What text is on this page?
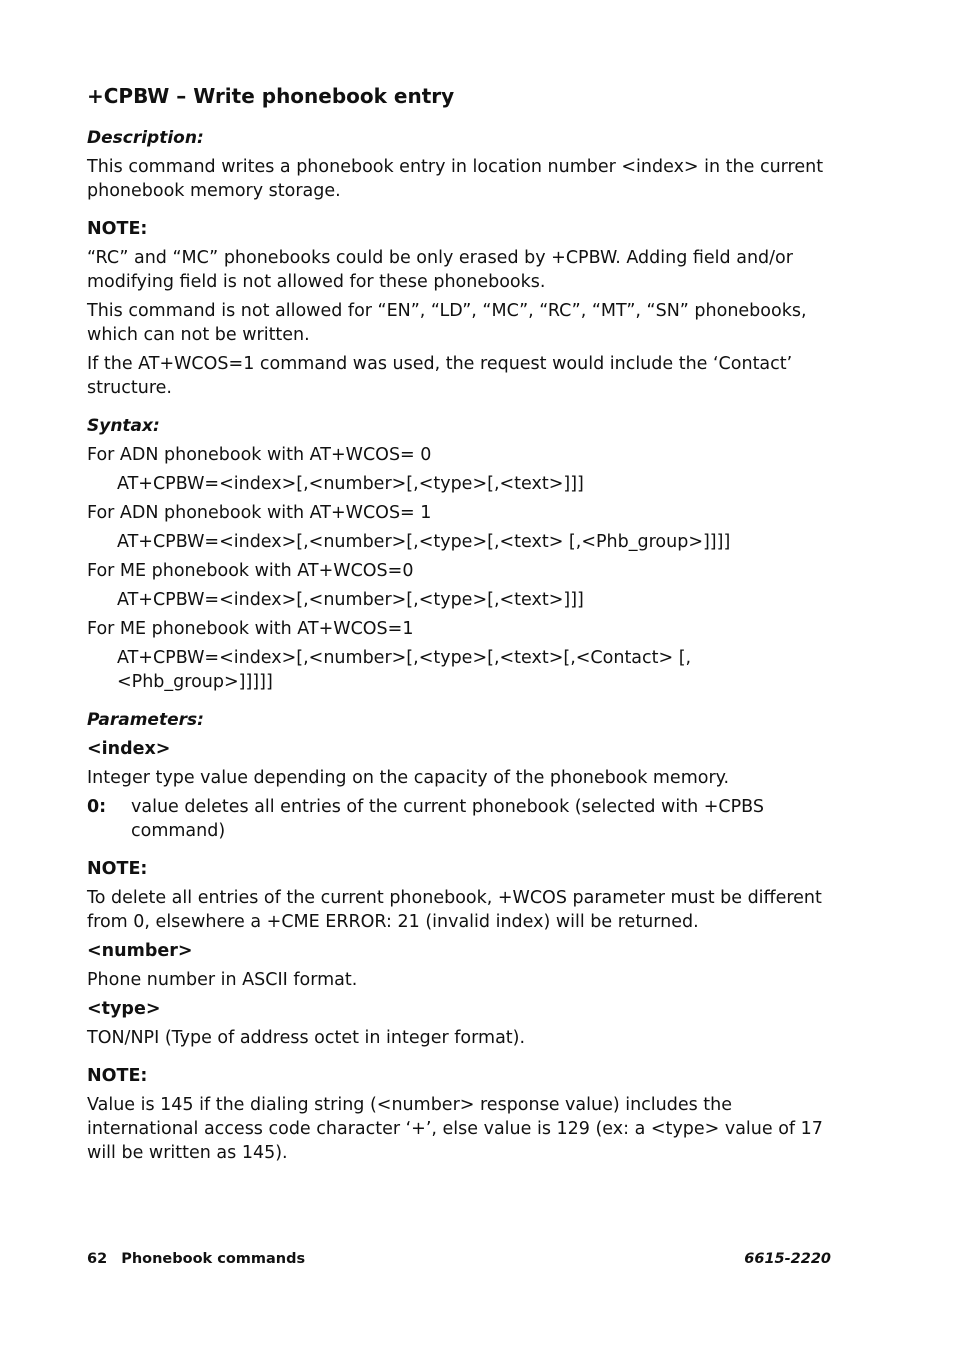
+CPBW – Write phonebook entry
Description:

This command writes a phonebook entry in location number <index> in the current phonebook memory storage.

NOTE:

“RC” and “MC” phonebooks could be only erased by +CPBW. Adding field and/or modifying field is not allowed for these phonebooks.

This command is not allowed for “EN”, “LD”, “MC”, “RC”, “MT”, “SN” phonebooks, which can not be written.

If the AT+WCOS=1 command was used, the request would include the ‘Contact’ structure.

Syntax:
For ADN phonebook with AT+WCOS= 0
AT+CPBW=<index>[,<number>[,<type>[,<text>]]]
For ADN phonebook with AT+WCOS= 1
AT+CPBW=<index>[,<number>[,<type>[,<text> [,<Phb_group>]]]]
For ME phonebook with AT+WCOS=0
AT+CPBW=<index>[,<number>[,<type>[,<text>]]]
For ME phonebook with AT+WCOS=1
AT+CPBW=<index>[,<number>[,<type>[,<text>[,<Contact> [,<Phb_group>]]]]]
Parameters:
<index>

Integer type value depending on the capacity of the phonebook memory.

0:	value deletes all entries of the current phonebook (selected with +CPBS command)
NOTE:

To delete all entries of the current phonebook, +WCOS parameter must be different from 0, elsewhere a +CME ERROR: 21 (invalid index) will be returned.

<number>

Phone number in ASCII format.

<type>

TON/NPI (Type of address octet in integer format).

NOTE:

Value is 145 if the dialing string (<number> response value) includes the international access code character ‘+’, else value is 129 (ex: a <type> value of 17 will be written as 145).

62 Phonebook commands	6615-2220
